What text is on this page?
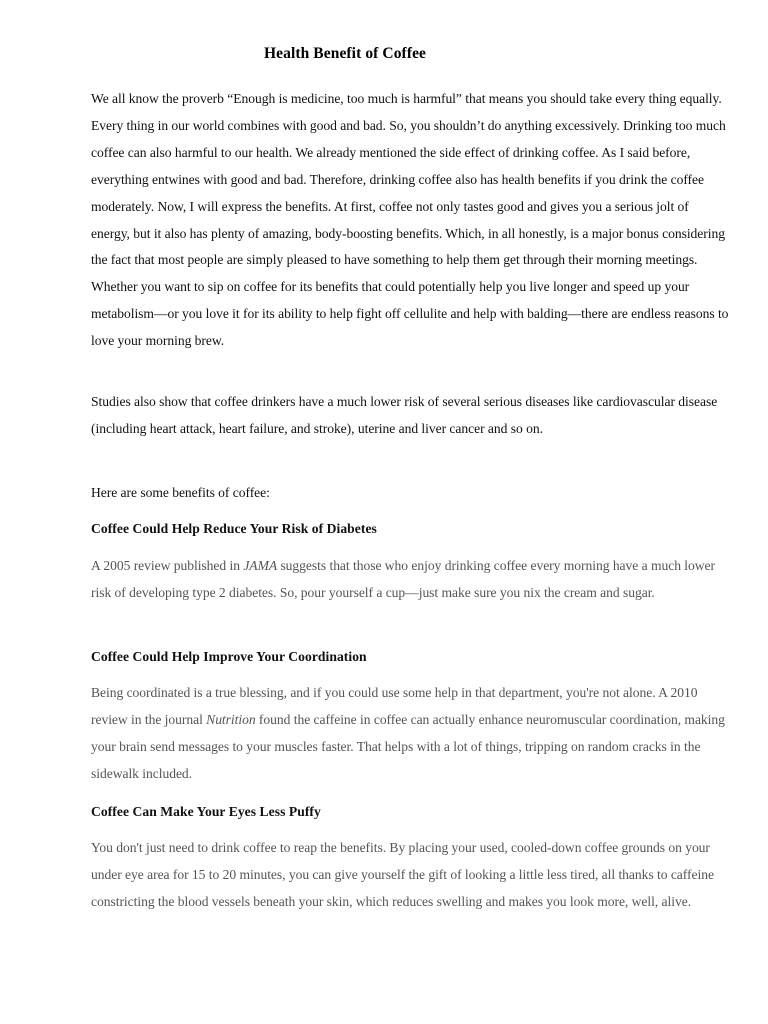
Health Benefit of Coffee

We all know the proverb “Enough is medicine, too much is harmful” that means you should take every thing equally. Every thing in our world combines with good and bad. So, you shouldn’t do anything excessively. Drinking too much coffee can also harmful to our health. We already mentioned the side effect of drinking coffee. As I said before, everything entwines with good and bad. Therefore, drinking coffee also has health benefits if you drink the coffee moderately. Now, I will express the benefits. At first, coffee not only tastes good and gives you a serious jolt of energy, but it also has plenty of amazing, body-boosting benefits. Which, in all honestly, is a major bonus considering the fact that most people are simply pleased to have something to help them get through their morning meetings. Whether you want to sip on coffee for its benefits that could potentially help you live longer and speed up your metabolism—or you love it for its ability to help fight off cellulite and help with balding—there are endless reasons to love your morning brew.

Studies also show that coffee drinkers have a much lower risk of several serious diseases like cardiovascular disease (including heart attack, heart failure, and stroke), uterine and liver cancer and so on.

Here are some benefits of coffee:

Coffee Could Help Reduce Your Risk of Diabetes

A 2005 review published in JAMA suggests that those who enjoy drinking coffee every morning have a much lower risk of developing type 2 diabetes. So, pour yourself a cup—just make sure you nix the cream and sugar.

Coffee Could Help Improve Your Coordination

Being coordinated is a true blessing, and if you could use some help in that department, you're not alone. A 2010 review in the journal Nutrition found the caffeine in coffee can actually enhance neuromuscular coordination, making your brain send messages to your muscles faster. That helps with a lot of things, tripping on random cracks in the sidewalk included.

Coffee Can Make Your Eyes Less Puffy

You don't just need to drink coffee to reap the benefits. By placing your used, cooled-down coffee grounds on your under eye area for 15 to 20 minutes, you can give yourself the gift of looking a little less tired, all thanks to caffeine constricting the blood vessels beneath your skin, which reduces swelling and makes you look more, well, alive.
